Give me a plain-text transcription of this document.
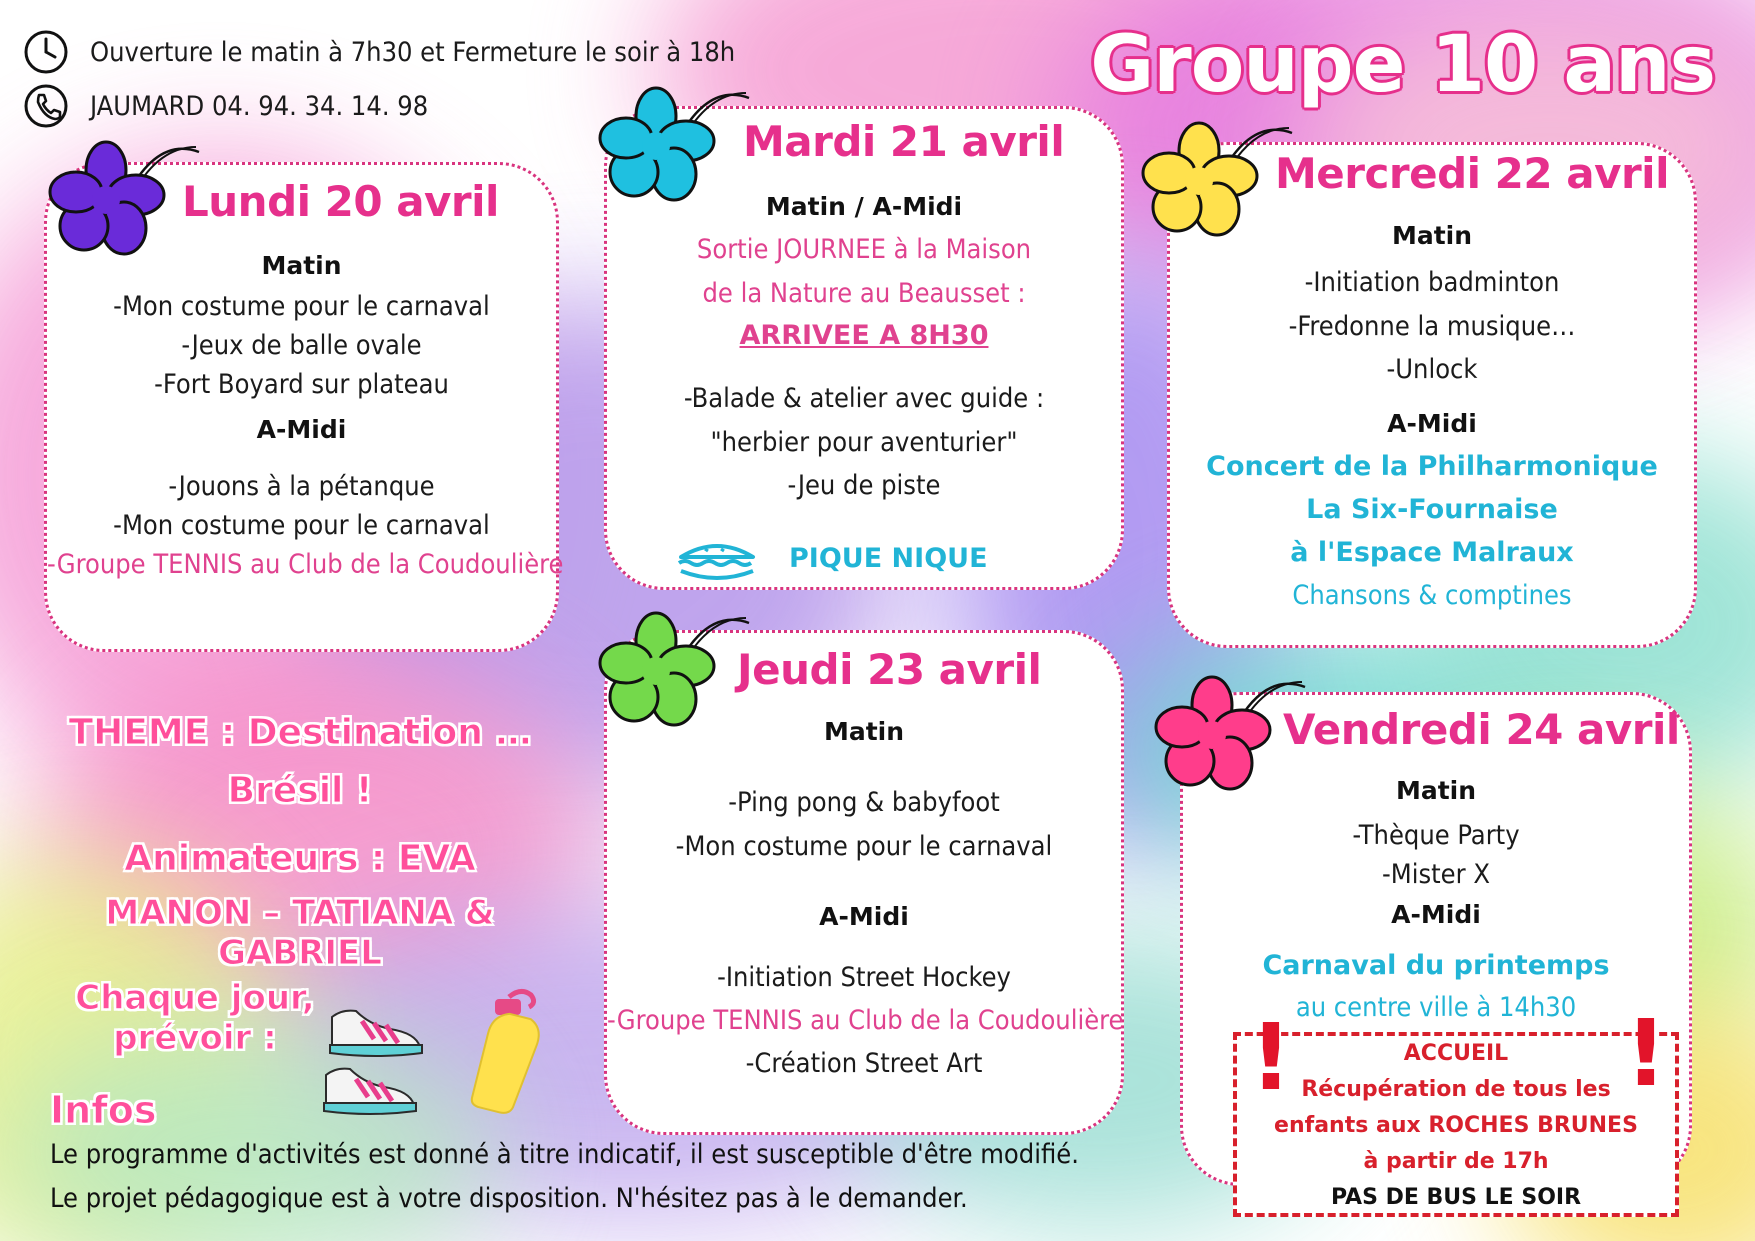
Ouverture le matin à 7h30 et Fermeture le soir à 18h
JAUMARD 04. 94. 34. 14. 98	Groupe 10 ans
Lundi 20 avril
Matin
-Mon costume pour le carnaval
-Jeux de balle ovale
-Fort Boyard sur plateau
A-Midi
-Jouons à la pétanque
-Mon costume pour le carnaval
-Groupe TENNIS au Club de la Coudoulière
Mardi 21 avril
Matin / A-Midi
Sortie JOURNEE à la Maison
de la Nature au Beausset :
ARRIVEE A 8H30
-Balade & atelier avec guide :
"herbier pour aventurier"
-Jeu de piste
PIQUE NIQUE
Mercredi 22 avril
Matin
-Initiation badminton
-Fredonne la musique…
-Unlock
A-Midi
Concert de la Philharmonique
La Six-Fournaise
à l'Espace Malraux
Chansons & comptines
Jeudi 23 avril
Matin
-Ping pong & babyfoot
-Mon costume pour le carnaval
A-Midi
-Initiation Street Hockey
-Groupe TENNIS au Club de la Coudoulière
-Création Street Art
Vendredi 24 avril
Matin
-Thèque Party
-Mister X
A-Midi
Carnaval du printemps
au centre ville à 14h30
ACCUEIL
Récupération de tous les
enfants aux ROCHES BRUNES
à partir de 17h
PAS DE BUS LE SOIR
!	!
THEME : Destination …
Brésil !
Animateurs : EVA
MANON – TATIANA & GABRIEL
Chaque jour,
prévoir :
Infos
Le programme d'activités est donné à titre indicatif, il est susceptible d'être modifié.
Le projet pédagogique est à votre disposition. N'hésitez pas à le demander.
